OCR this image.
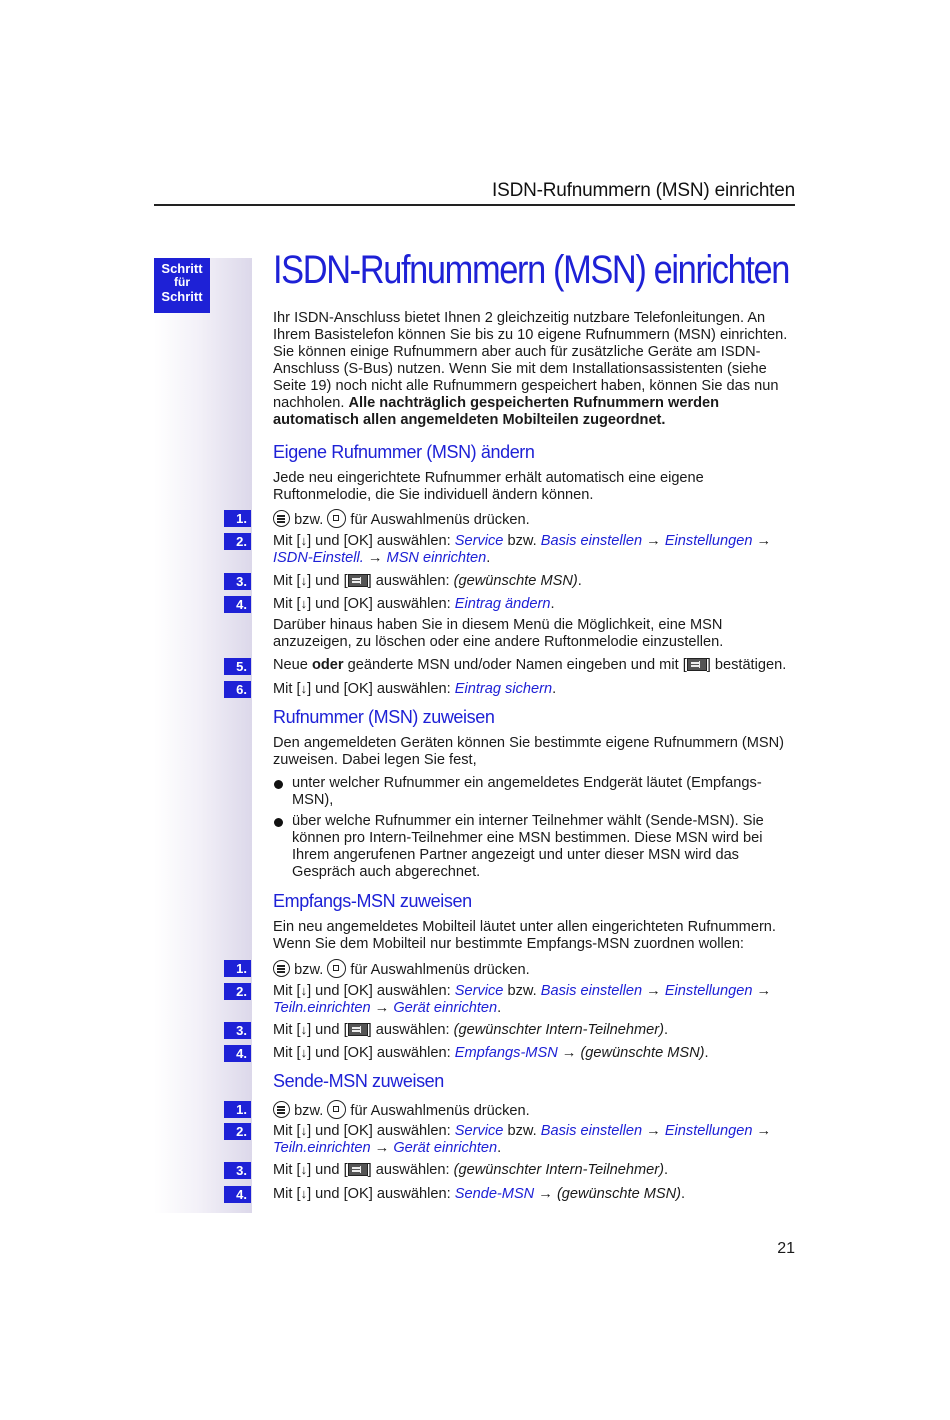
ISDN-Rufnummern (MSN) einrichten
Schritt
für
Schritt
ISDN-Rufnummern (MSN) einrichten
Ihr ISDN-Anschluss bietet Ihnen 2 gleichzeitig nutzbare Telefonleitungen. An Ihrem Basistelefon können Sie bis zu 10 eigene Rufnummern (MSN) einrichten. Sie können einige Rufnummern aber auch für zusätzliche Geräte am ISDN-Anschluss (S-Bus) nutzen. Wenn Sie mit dem Installationsassistenten (siehe Seite 19) noch nicht alle Rufnummern gespeichert haben, können Sie das nun nachholen. Alle nachträglich gespeicherten Rufnummern werden automatisch allen angemeldeten Mobilteilen zugeordnet.
Jede neu eingerichtete Rufnummer erhält automatisch eine eigene Ruftonmelodie, die Sie individuell ändern können.
bzw. für Auswahlmenüs drücken.
Mit [↓] und [OK] auswählen: Service bzw. Basis einstellen → Einstellungen → ISDN-Einstell. → MSN einrichten.
Mit [↓] und [ ] auswählen: (gewünschte MSN).
Mit [↓] und [OK] auswählen: Eintrag ändern.
Darüber hinaus haben Sie in diesem Menü die Möglichkeit, eine MSN anzuzeigen, zu löschen oder eine andere Ruftonmelodie einzustellen.
Neue oder geänderte MSN und/oder Namen eingeben und mit [ ] bestätigen.
Mit [↓] und [OK] auswählen: Eintrag sichern.
Den angemeldeten Geräten können Sie bestimmte eigene Rufnummern (MSN) zuweisen. Dabei legen Sie fest,
unter welcher Rufnummer ein angemeldetes Endgerät läutet (Empfangs-MSN),
über welche Rufnummer ein interner Teilnehmer wählt (Sende-MSN). Sie können pro Intern-Teilnehmer eine MSN bestimmen. Diese MSN wird bei Ihrem angerufenen Partner angezeigt und unter dieser MSN wird das Gespräch auch abgerechnet.
Ein neu angemeldetes Mobilteil läutet unter allen eingerichteten Rufnummern. Wenn Sie dem Mobilteil nur bestimmte Empfangs-MSN zuordnen wollen:
bzw. für Auswahlmenüs drücken.
Mit [↓] und [OK] auswählen: Service bzw. Basis einstellen → Einstellungen → Teiln.einrichten → Gerät einrichten.
Mit [↓] und [ ] auswählen: (gewünschter Intern-Teilnehmer).
Mit [↓] und [OK] auswählen: Empfangs-MSN → (gewünschte MSN).
bzw. für Auswahlmenüs drücken.
Mit [↓] und [OK] auswählen: Service bzw. Basis einstellen → Einstellungen → Teiln.einrichten → Gerät einrichten.
Mit [↓] und [ ] auswählen: (gewünschter Intern-Teilnehmer).
Mit [↓] und [OK] auswählen: Sende-MSN → (gewünschte MSN).
Eigene Rufnummer (MSN) ändern
Rufnummer (MSN) zuweisen
Empfangs-MSN zuweisen
Sende-MSN zuweisen
1.
2.
3.
4.
5.
6.
1.
2.
3.
4.
1.
2.
3.
4.
21
